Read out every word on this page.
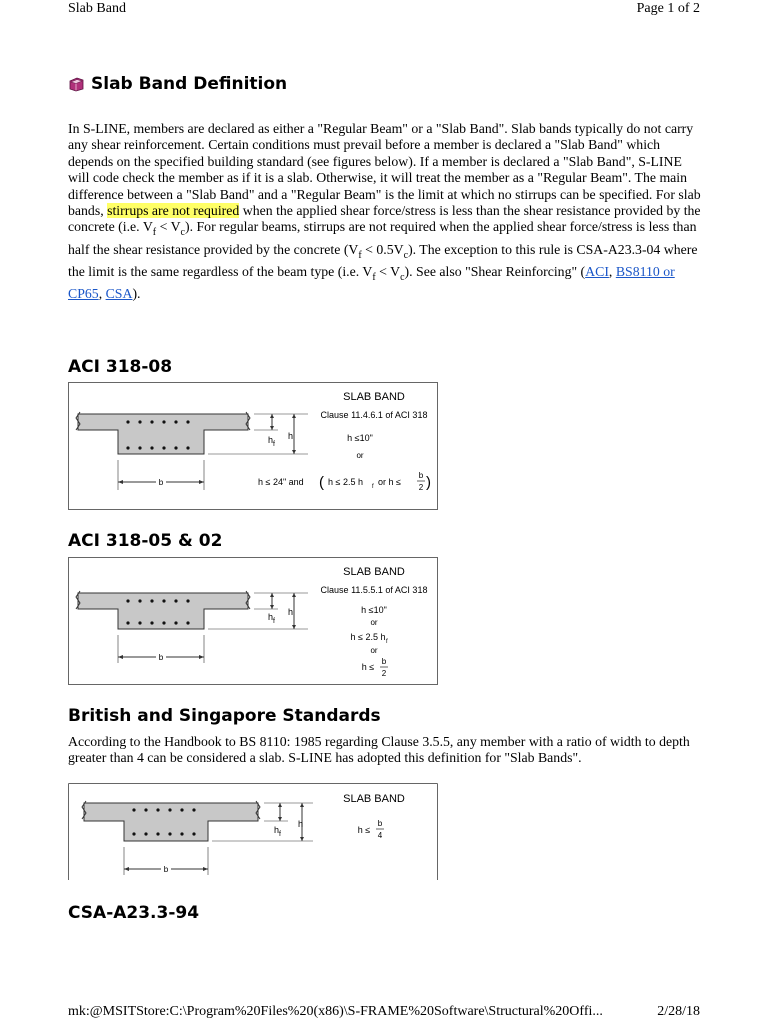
Slab Band	Page 1 of 2
Slab Band Definition
In S-LINE, members are declared as either a "Regular Beam" or a "Slab Band". Slab bands typically do not carry any shear reinforcement. Certain conditions must prevail before a member is declared a "Slab Band" which depends on the specified building standard (see figures below). If a member is declared a "Slab Band", S-LINE will code check the member as if it is a slab. Otherwise, it will treat the member as a "Regular Beam". The main difference between a "Slab Band" and a "Regular Beam" is the limit at which no stirrups can be specified. For slab bands, stirrups are not required when the applied shear force/stress is less than the shear resistance provided by the concrete (i.e. $V_f < V_c$). For regular beams, stirrups are not required when the applied shear force/stress is less than half the shear resistance provided by the concrete $(V_f < 0.5V_c)$. The exception to this rule is CSA-A23.3-04 where the limit is the same regardless of the beam type (i.e. $V_f < V_c$). See also "Shear Reinforcing" (ACI, BS8110 or CP65, CSA).
ACI 318-08
h f
h
b
SLAB BAND
Clause 11.4.6.1 of ACI 318
h ≤10"
or
h ≤ 24" and ( h ≤ 2.5 h f or h ≤
b
2 )
ACI 318-05 & 02
h f
h
b
SLAB BAND
Clause 11.5.5.1 of ACI 318
h ≤10"
or
h ≤ 2.5 h f
or
h ≤
b
2
British and Singapore Standards
According to the Handbook to BS 8110: 1985 regarding Clause 3.5.5, any member with a ratio of width to depth greater than 4 can be considered a slab. S-LINE has adopted this definition for "Slab Bands".
h f
h
b
SLAB BAND
h ≤
b
4
CSA-A23.3-94
mk:@MSITStore:C:\Program%20Files%20(x86)\S-FRAME%20Software\Structural%20Offi...	2/28/18
